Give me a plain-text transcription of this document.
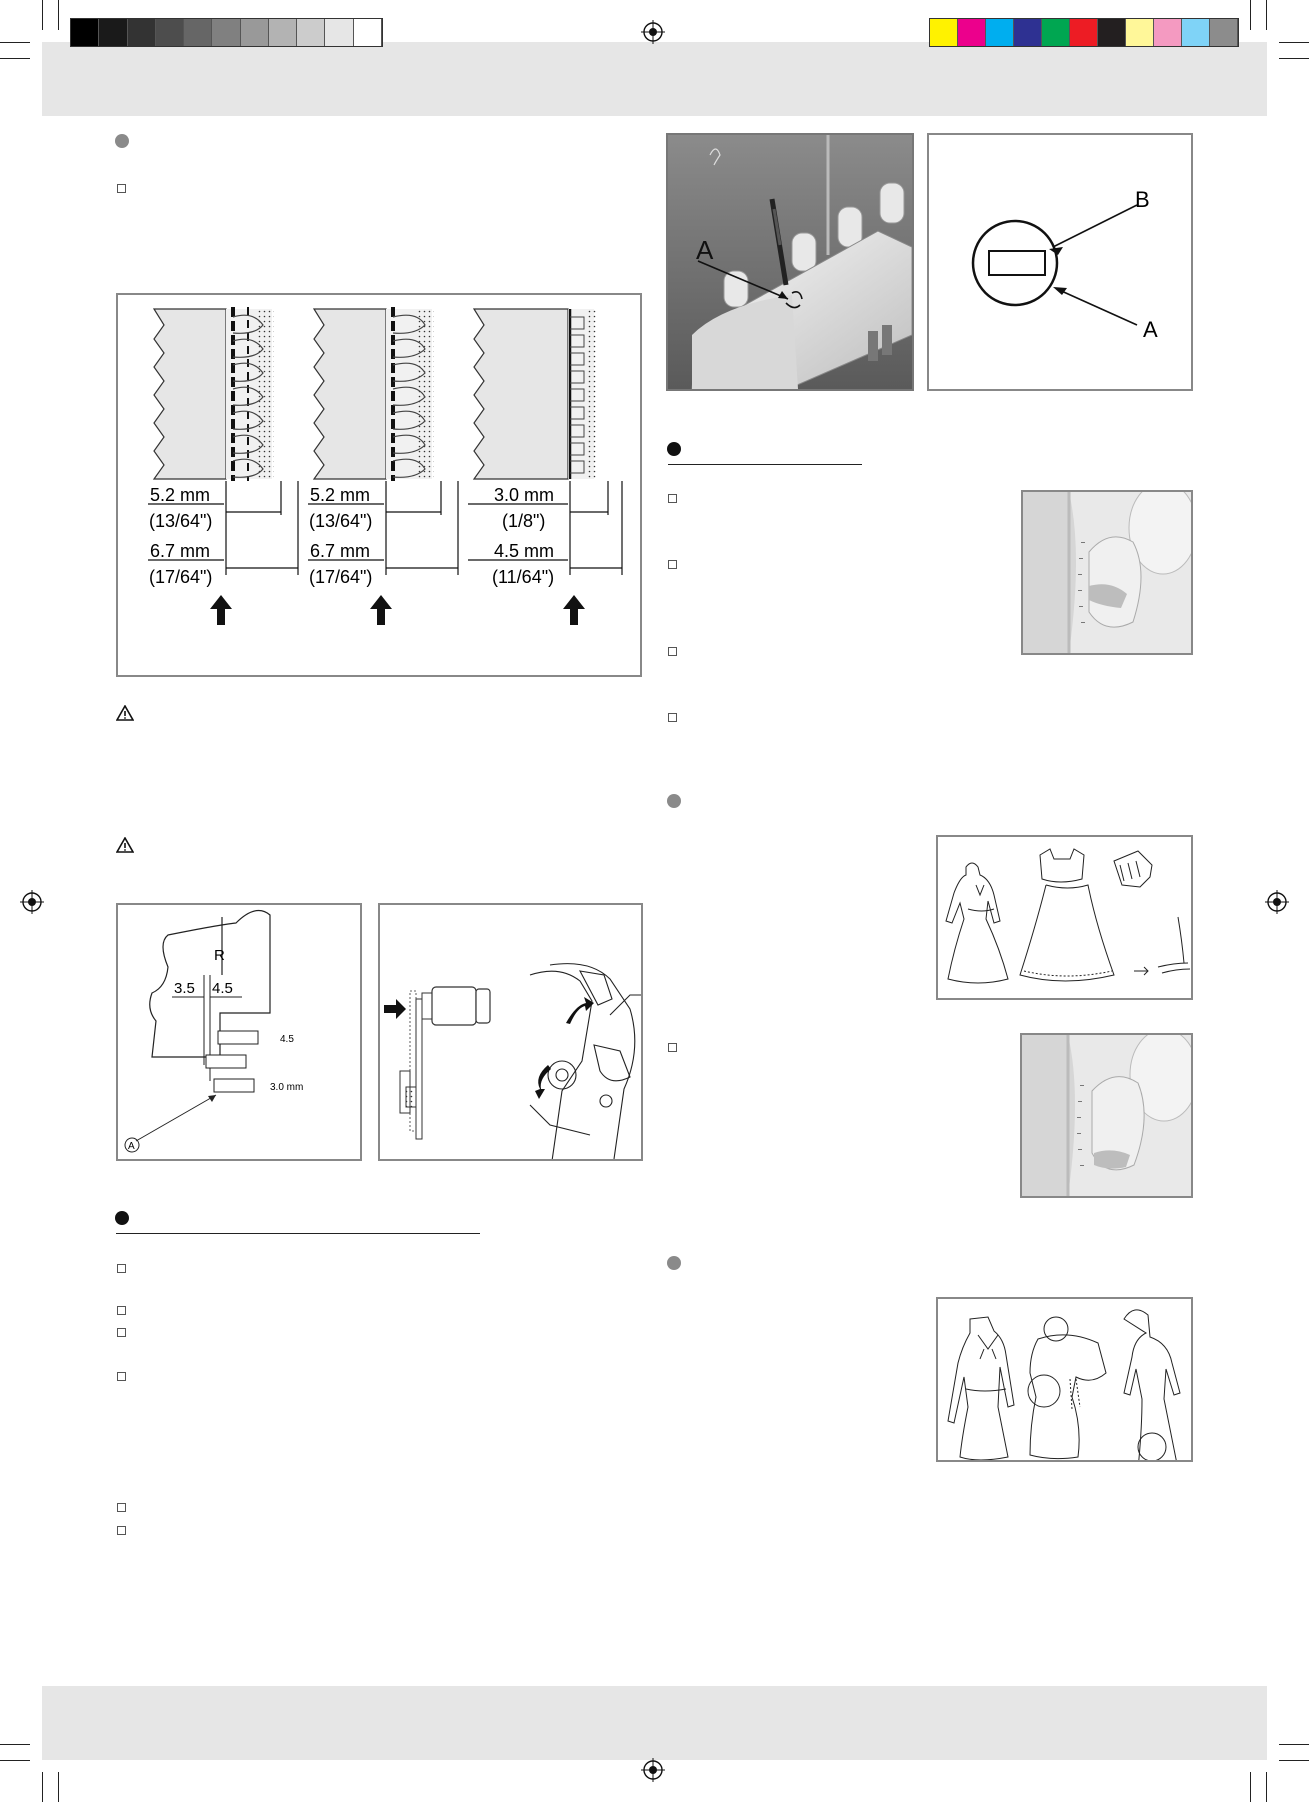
5.2 mm
(13/64")
6.7 mm
(17/64")
5.2 mm
(13/64")
6.7 mm
(17/64")
3.0 mm
(1/8")
4.5 mm
(11/64")
R
3.5 4.5
4.5
3.0 mm
A
A
B
A
